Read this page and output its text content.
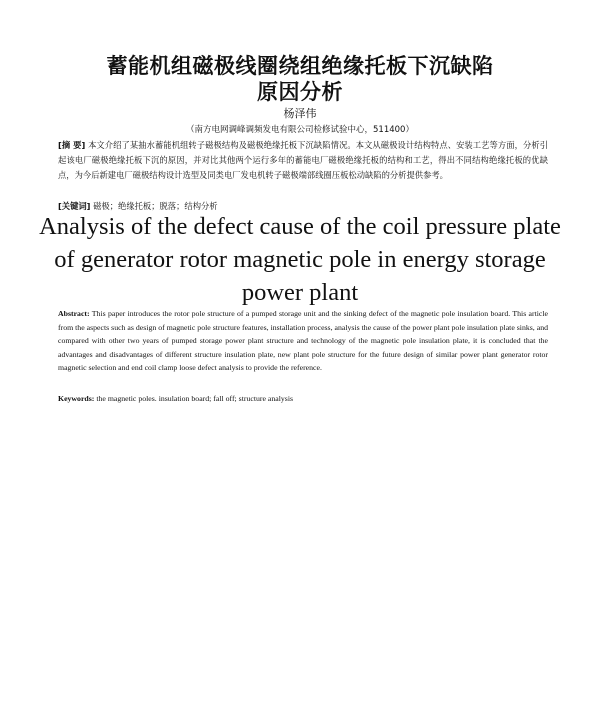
蓄能机组磁极线圈绕组绝缘托板下沉缺陷
原因分析
杨泽伟
（南方电网调峰调频发电有限公司检修试验中心，511400）
[摘 要] 本文介绍了某抽水蓄能机组转子磁极结构及磁极绝缘托板下沉缺陷情况。本文从磁极设计结构特点、安装工艺等方面，分析引起该电厂磁极绝缘托板下沉的原因，并对比其他两个运行多年的蓄能电厂磁极绝缘托板的结构和工艺，得出不同结构绝缘托板的优缺点，为今后新建电厂磁极结构设计选型及同类电厂发电机转子磁极端部线圈压板松动缺陷的分析提供参考。
[关键词] 磁极；绝缘托板；脱落；结构分析
Analysis of the defect cause of the coil pressure plate of generator rotor magnetic pole in energy storage power plant
Abstract: This paper introduces the rotor pole structure of a pumped storage unit and the sinking defect of the magnetic pole insulation board. This article from the aspects such as design of magnetic pole structure features, installation process, analysis the cause of the power plant pole insulation plate sinks, and compared with other two years of pumped storage power plant structure and technology of the magnetic pole insulation plate, it is concluded that the advantages and disadvantages of different structure insulation plate, new plant pole structure for the future design of similar power plant generator rotor magnetic selection and end coil clamp loose defect analysis to provide the reference.
Keywords: the magnetic poles. insulation board; fall off; structure analysis
